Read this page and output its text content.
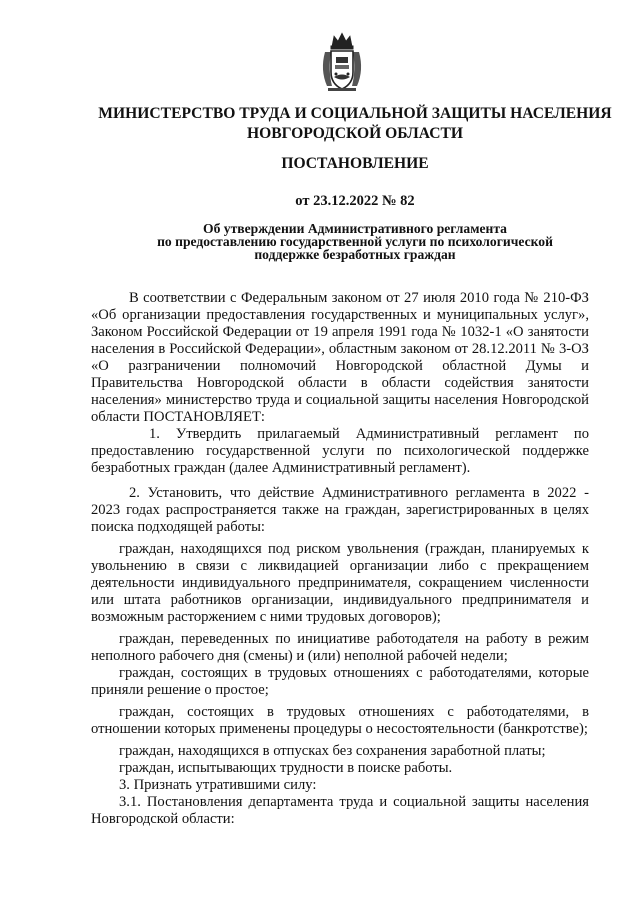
МИНИСТЕРСТВО ТРУДА И СОЦИАЛЬНОЙ ЗАЩИТЫ НАСЕЛЕНИЯ
НОВГОРОДСКОЙ ОБЛАСТИ
ПОСТАНОВЛЕНИЕ
от 23.12.2022 № 82
Об утверждении Административного регламента
по предоставлению государственной услуги по психологической
поддержке безработных граждан

В соответствии с Федеральным законом от 27 июля 2010 года № 210-ФЗ «Об организации предоставления государственных и муниципальных услуг», Законом Российской Федерации от 19 апреля 1991 года № 1032-1 «О занятости населения в Российской Федерации», областным законом от 28.12.2011 № 3-ОЗ «О разграничении полномочий Новгородской областной Думы и Правительства Новгородской области в области содействия занятости населения» министерство труда и социальной защиты населения Новгородской области ПОСТАНОВЛЯЕТ:

1. Утвердить прилагаемый Административный регламент по предоставлению государственной услуги по психологической поддержке безработных граждан (далее Административный регламент).

2. Установить, что действие Административного регламента в 2022 - 2023 годах распространяется также на граждан, зарегистрированных в целях поиска подходящей работы:

граждан, находящихся под риском увольнения (граждан, планируемых к увольнению в связи с ликвидацией организации либо с прекращением деятельности индивидуального предпринимателя, сокращением численности или штата работников организации, индивидуального предпринимателя и возможным расторжением с ними трудовых договоров);

граждан, переведенных по инициативе работодателя на работу в режим неполного рабочего дня (смены) и (или) неполной рабочей недели;

граждан, состоящих в трудовых отношениях с работодателями, которые приняли решение о простое;

граждан, состоящих в трудовых отношениях с работодателями, в отношении которых применены процедуры о несостоятельности (банкротстве);

граждан, находящихся в отпусках без сохранения заработной платы;

граждан, испытывающих трудности в поиске работы.

3. Признать утратившими силу:

3.1. Постановления департамента труда и социальной защиты населения Новгородской области:
